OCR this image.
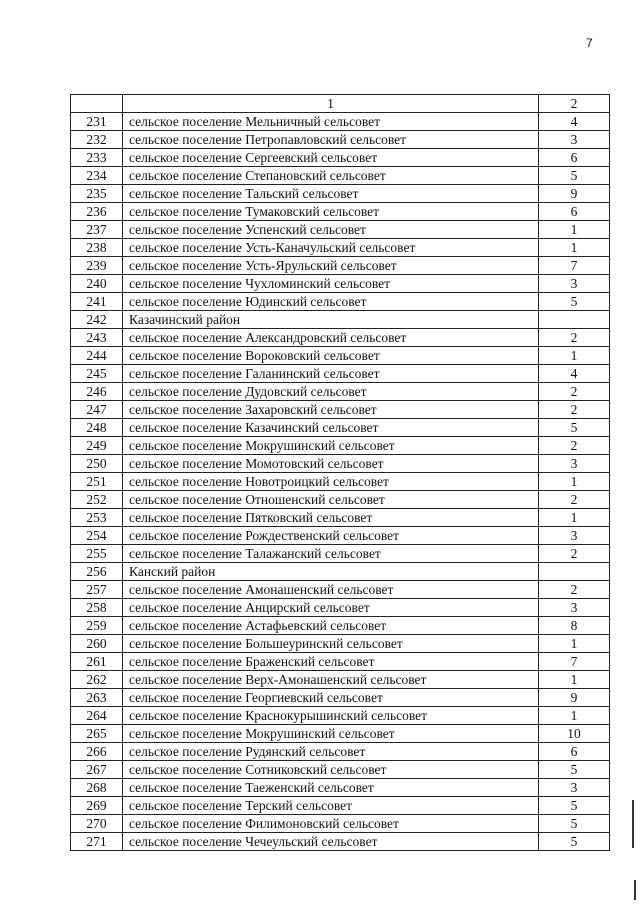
7
	1	2
231	сельское поселение Мельничный сельсовет	4
232	сельское поселение Петропавловский сельсовет	3
233	сельское поселение Сергеевский сельсовет	6
234	сельское поселение Степановский сельсовет	5
235	сельское поселение Тальский сельсовет	9
236	сельское поселение Тумаковский сельсовет	6
237	сельское поселение Успенский сельсовет	1
238	сельское поселение Усть-Каначульский сельсовет	1
239	сельское поселение Усть-Ярульский сельсовет	7
240	сельское поселение Чухломинский сельсовет	3
241	сельское поселение Юдинский сельсовет	5
242	Казачинский район	
243	сельское поселение Александровский сельсовет	2
244	сельское поселение Вороковский сельсовет	1
245	сельское поселение Галанинский сельсовет	4
246	сельское поселение Дудовский сельсовет	2
247	сельское поселение Захаровский сельсовет	2
248	сельское поселение Казачинский сельсовет	5
249	сельское поселение Мокрушинский сельсовет	2
250	сельское поселение Момотовский сельсовет	3
251	сельское поселение Новотроицкий сельсовет	1
252	сельское поселение Отношенский сельсовет	2
253	сельское поселение Пятковский сельсовет	1
254	сельское поселение Рождественский сельсовет	3
255	сельское поселение Талажанский сельсовет	2
256	Канский район	
257	сельское поселение Амонашенский сельсовет	2
258	сельское поселение Анцирский сельсовет	3
259	сельское поселение Астафьевский сельсовет	8
260	сельское поселение Большеуринский сельсовет	1
261	сельское поселение Браженский сельсовет	7
262	сельское поселение Верх-Амонашенский сельсовет	1
263	сельское поселение Георгиевский сельсовет	9
264	сельское поселение Краснокурышинский сельсовет	1
265	сельское поселение Мокрушинский сельсовет	10
266	сельское поселение Рудянский сельсовет	6
267	сельское поселение Сотниковский сельсовет	5
268	сельское поселение Таеженский сельсовет	3
269	сельское поселение Терский сельсовет	5
270	сельское поселение Филимоновский сельсовет	5
271	сельское поселение Чечеульский сельсовет	5
